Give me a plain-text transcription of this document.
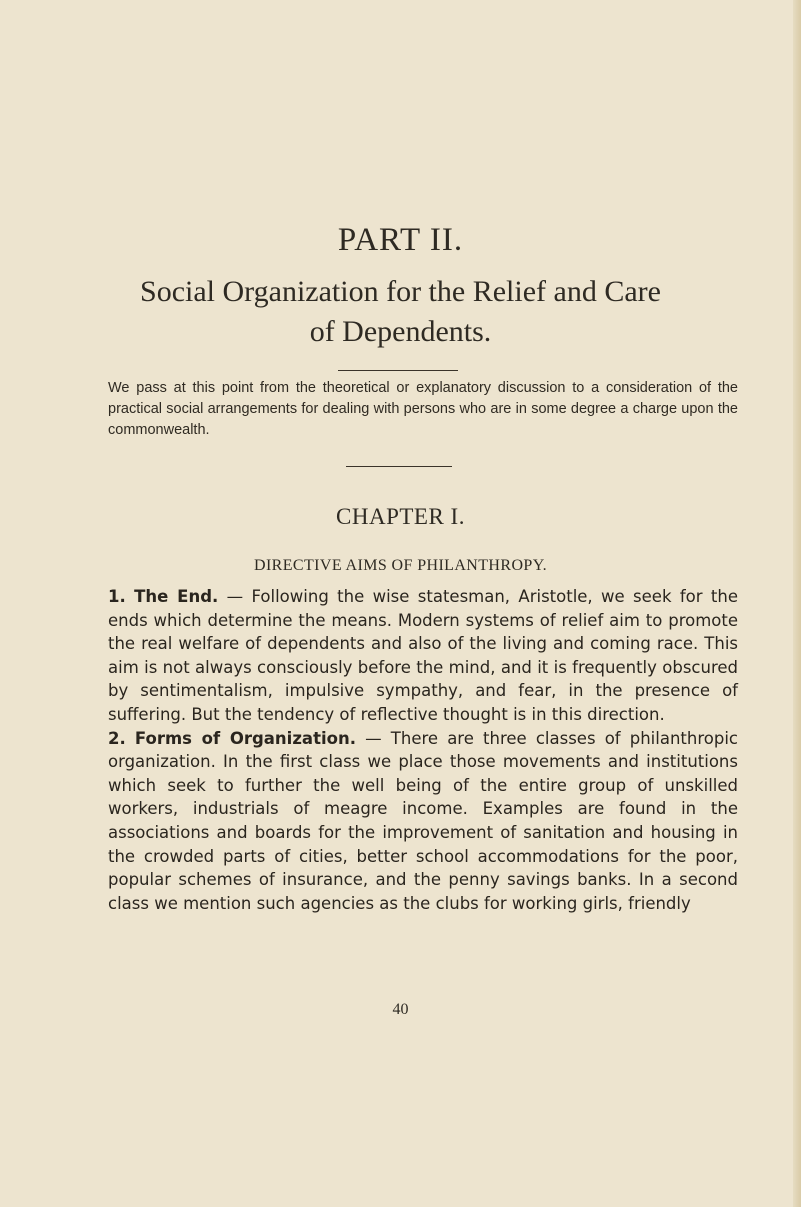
PART II.
Social Organization for the Relief and Care
of Dependents.
We pass at this point from the theoretical or explanatory discussion to a consideration of the practical social arrangements for dealing with persons who are in some degree a charge upon the commonwealth.
CHAPTER I.
DIRECTIVE AIMS OF PHILANTHROPY.

1. The End. — Following the wise statesman, Aristotle, we seek for the ends which determine the means. Modern systems of relief aim to promote the real welfare of dependents and also of the living and coming race. This aim is not always consciously before the mind, and it is frequently obscured by sentimentalism, impulsive sympathy, and fear, in the presence of suffering. But the tendency of reflective thought is in this direction.

2. Forms of Organization. — There are three classes of philanthropic organization. In the first class we place those movements and institutions which seek to further the well being of the entire group of unskilled workers, industrials of meagre income. Examples are found in the associations and boards for the improvement of sanitation and housing in the crowded parts of cities, better school accommodations for the poor, popular schemes of insurance, and the penny savings banks. In a second class we mention such agencies as the clubs for working girls, friendly

40
